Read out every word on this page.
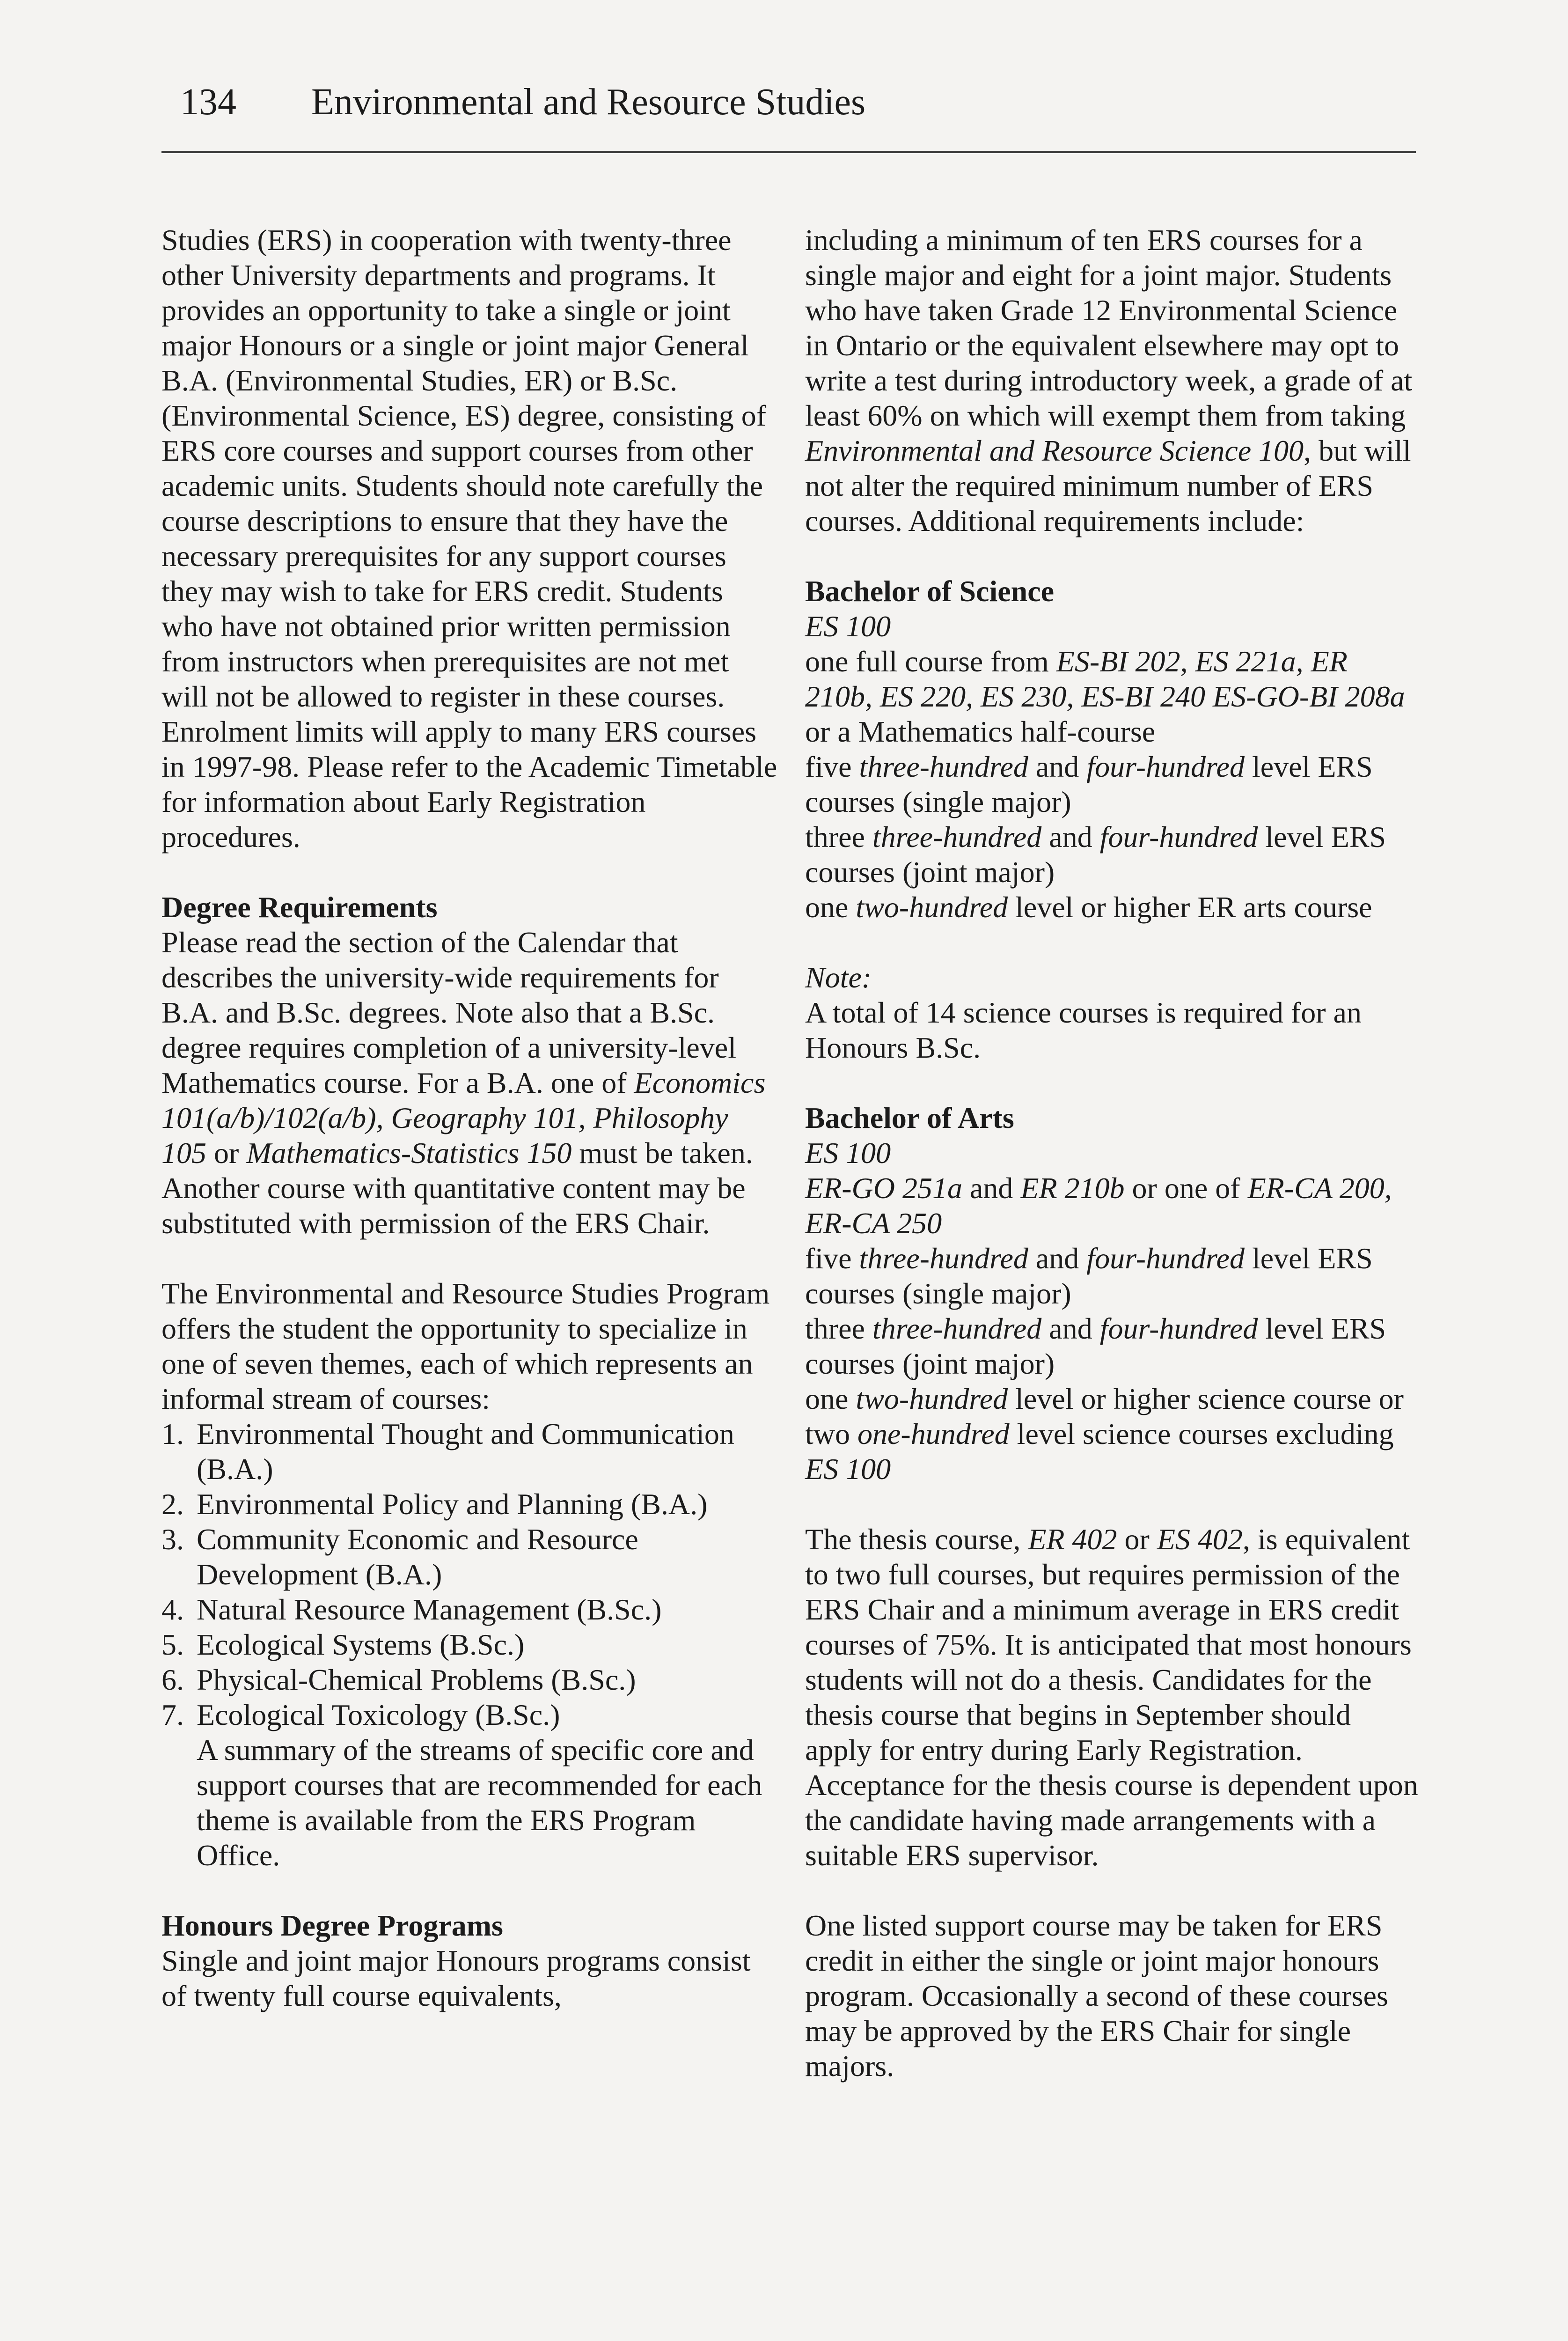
134 Environmental and Resource Studies

Studies (ERS) in cooperation with twenty-three other University departments and programs. It provides an opportunity to take a single or joint major Honours or a single or joint major General B.A. (Environmental Studies, ER) or B.Sc. (Environmental Science, ES) degree, consisting of ERS core courses and support courses from other academic units. Students should note carefully the course descriptions to ensure that they have the necessary prerequisites for any support courses they may wish to take for ERS credit. Students who have not obtained prior written permission from instructors when prerequisites are not met will not be allowed to register in these courses. Enrolment limits will apply to many ERS courses in 1997-98. Please refer to the Academic Timetable for information about Early Registration procedures.

Degree Requirements

Please read the section of the Calendar that describes the university-wide requirements for B.A. and B.Sc. degrees. Note also that a B.Sc. degree requires completion of a university-level Mathematics course. For a B.A. one of Economics 101(a/b)/102(a/b), Geography 101, Philosophy 105 or Mathematics-Statistics 150 must be taken. Another course with quantitative content may be substituted with permission of the ERS Chair.

The Environmental and Resource Studies Program offers the student the opportunity to specialize in one of seven themes, each of which represents an informal stream of courses:

1. Environmental Thought and Communication (B.A.)
2. Environmental Policy and Planning (B.A.)
3. Community Economic and Resource Development (B.A.)
4. Natural Resource Management (B.Sc.)
5. Ecological Systems (B.Sc.)
6. Physical-Chemical Problems (B.Sc.)
7. Ecological Toxicology (B.Sc.)
A summary of the streams of specific core and support courses that are recommended for each theme is available from the ERS Program Office.
Honours Degree Programs

Single and joint major Honours programs consist of twenty full course equivalents,

including a minimum of ten ERS courses for a single major and eight for a joint major. Students who have taken Grade 12 Environmental Science in Ontario or the equivalent elsewhere may opt to write a test during introductory week, a grade of at least 60% on which will exempt them from taking Environmental and Resource Science 100, but will not alter the required minimum number of ERS courses. Additional requirements include:

Bachelor of Science
ES 100
one full course from ES-BI 202, ES 221a, ER 210b, ES 220, ES 230, ES-BI 240 ES-GO-BI 208a or a Mathematics half-course
five three-hundred and four-hundred level ERS courses (single major)
three three-hundred and four-hundred level ERS courses (joint major)
one two-hundred level or higher ER arts course
Note:

A total of 14 science courses is required for an Honours B.Sc.

Bachelor of Arts
ES 100
ER-GO 251a and ER 210b or one of ER-CA 200, ER-CA 250
five three-hundred and four-hundred level ERS courses (single major)
three three-hundred and four-hundred level ERS courses (joint major)
one two-hundred level or higher science course or two one-hundred level science courses excluding ES 100

The thesis course, ER 402 or ES 402, is equivalent to two full courses, but requires permission of the ERS Chair and a minimum average in ERS credit courses of 75%. It is anticipated that most honours students will not do a thesis. Candidates for the thesis course that begins in September should apply for entry during Early Registration. Acceptance for the thesis course is dependent upon the candidate having made arrangements with a suitable ERS supervisor.

One listed support course may be taken for ERS credit in either the single or joint major honours program. Occasionally a second of these courses may be approved by the ERS Chair for single majors.
